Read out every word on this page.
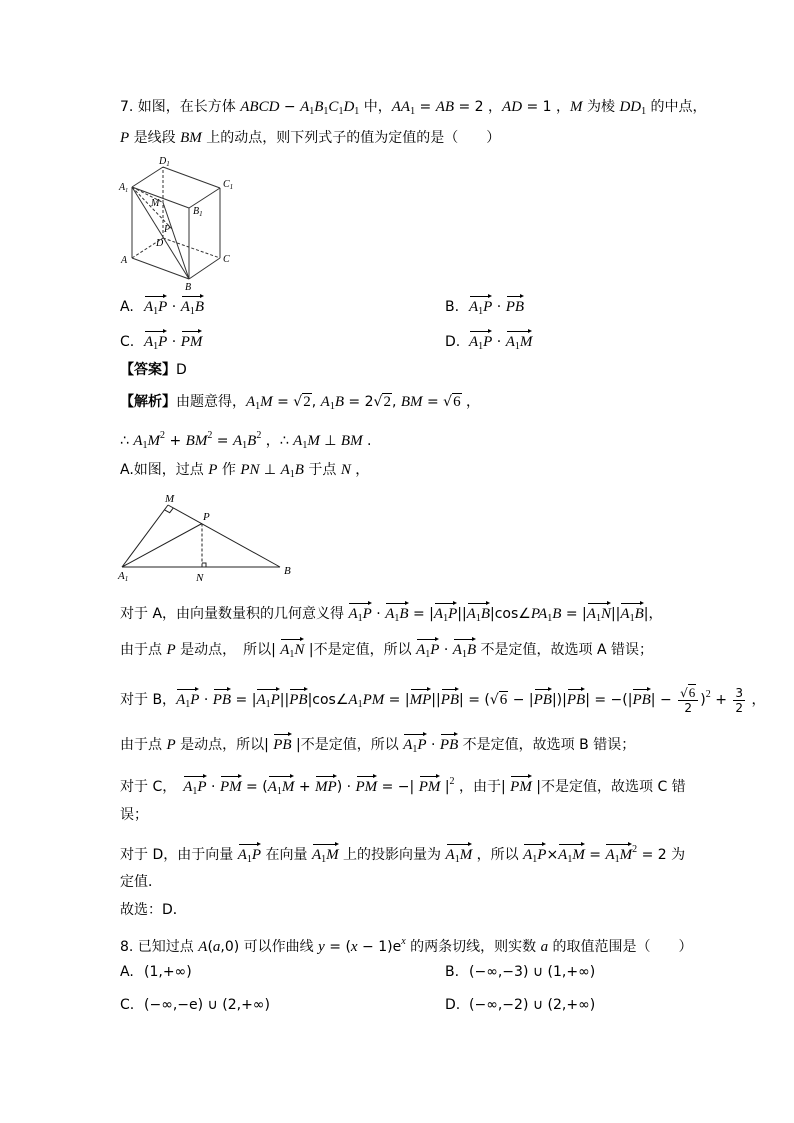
7. 如图，在长方体 ABCD − $A_1B_1C_1D_1$ 中，$AA_1$ = AB = 2 ，AD = 1 ，M 为棱 $DD_1$ 的中点，
P 是线段 BM 上的动点，则下列式子的值为定值的是（　　）
$D_1$
$C_1$
$A_1$
$B_1$
M
P
D
A	C
B
A. $A_1P \cdot A_1B$	B. $A_1P$ · PB
C. $A_1P$ · PM	D. $A_1P \cdot A_1M$
【答案】D
【解析】由题意得，$A_1M = √2$, $A_1B = 2√2$, BM = √6 ，
∴ $A_1M^2 + BM^2 = A_1B^2$ ，∴ $A_1M$ ⊥ BM .
A.如图，过点 P 作 PN ⊥ $A_1B$ 于点 N ，
M
P
A1	N
B
对于 A，由向量数量积的几何意义得 $A_1P \cdot A_1B$ = $|A_1P||A_1B|\cos\angle PA_1B = |A_1N||A_1B|$，
由于点 P 是动点，　所以| $A_1N$ |不是定值，所以 $A_1P \cdot A_1B$ 不是定值，故选项 A 错误；
对于 B，$A_1P$ · PB = $|A_1P||PB|\cos\angle A_1PM = |MP||PB| = (√6 - |PB|)|PB| = -(|PB| - \frac{√6}{2} )^2 + \frac{3}{2}$ ，
由于点 P 是动点，所以| PB |不是定值，所以 $A_1P$ · PB 不是定值，故选项 B 错误；
对于 C，　$A_1P$ · PM = $(A_1M + MP)$ · PM = −| PM $|^2$ ，由于| PM |不是定值，故选项 C 错
误；
对于 D，由于向量 $A_1P$ 在向量 $A_1M$ 上的投影向量为 $A_1M$ ，所以 $A_1P\times A_1M = A_1M^2 = 2$ 为
定值．
故选：D．
8. 已知过点 A(a,0) 可以作曲线 $y = (x - 1)e^x$ 的两条切线，则实数 a 的取值范围是（　　）
A. (1,+∞)	B. (−∞,−3) ∪ (1,+∞)
C. (−∞,−e) ∪ (2,+∞)	D. (−∞,−2) ∪ (2,+∞)
